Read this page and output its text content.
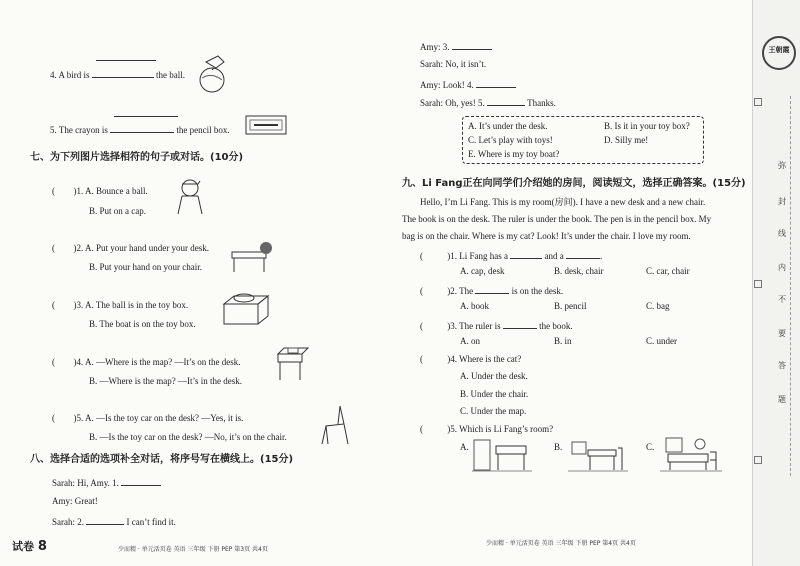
4. A bird is	the ball.
5. The crayon is	the pencil box.
七、为下列图片选择相符的句子或对话。(10分)
( )1. A. Bounce a ball.
B. Put on a cap.
( )2. A. Put your hand under your desk.
B. Put your hand on your chair.
( )3. A. The ball is in the toy box.
B. The boat is on the toy box.
( )4. A. —Where is the map? —It’s on the desk.
B. —Where is the map? —It’s in the desk.
( )5. A. —Is the toy car on the desk? —Yes, it is.
B. —Is the toy car on the desk? —No, it’s on the chair.
八、选择合适的选项补全对话，将序号写在横线上。(15分)
Sarah: Hi, Amy. 1.
Amy: Great!
Sarah: 2.	I can’t find it.
试卷 8	少而精 · 单元活页卷 英语 三年级 下册 PEP 第3页 共4页
Amy: 3.
Sarah: No, it isn’t.
Amy: Look! 4.
Sarah: Oh, yes! 5.	Thanks.
A. It’s under the desk.	B. Is it in your toy box?
C. Let’s play with toys!	D. Silly me!
E. Where is my toy boat?
九、Li Fang正在向同学们介绍她的房间，阅读短文，选择正确答案。(15分)
Hello, I’m Li Fang. This is my room(房间). I have a new desk and a new chair.
The book is on the desk. The ruler is under the book. The pen is in the pencil box. My
bag is on the chair. Where is my cat? Look! It’s under the chair. I love my room.
(	)1. Li Fang has a	and a	.
A. cap, desk	B. desk, chair	C. car, chair
(	)2. The	is on the desk.
A. book	B. pencil	C. bag
(	)3. The ruler is	the book.
A. on	B. in	C. under
(	)4. Where is the cat?
A. Under the desk.
B. Under the chair.
C. Under the map.
(	)5. Which is Li Fang’s room?
A.	B.	C.
少而精 · 单元活页卷 英语 三年级 下册 PEP 第4页 共4页
王朝霞
弥
封
线
内
不
要
答
题
